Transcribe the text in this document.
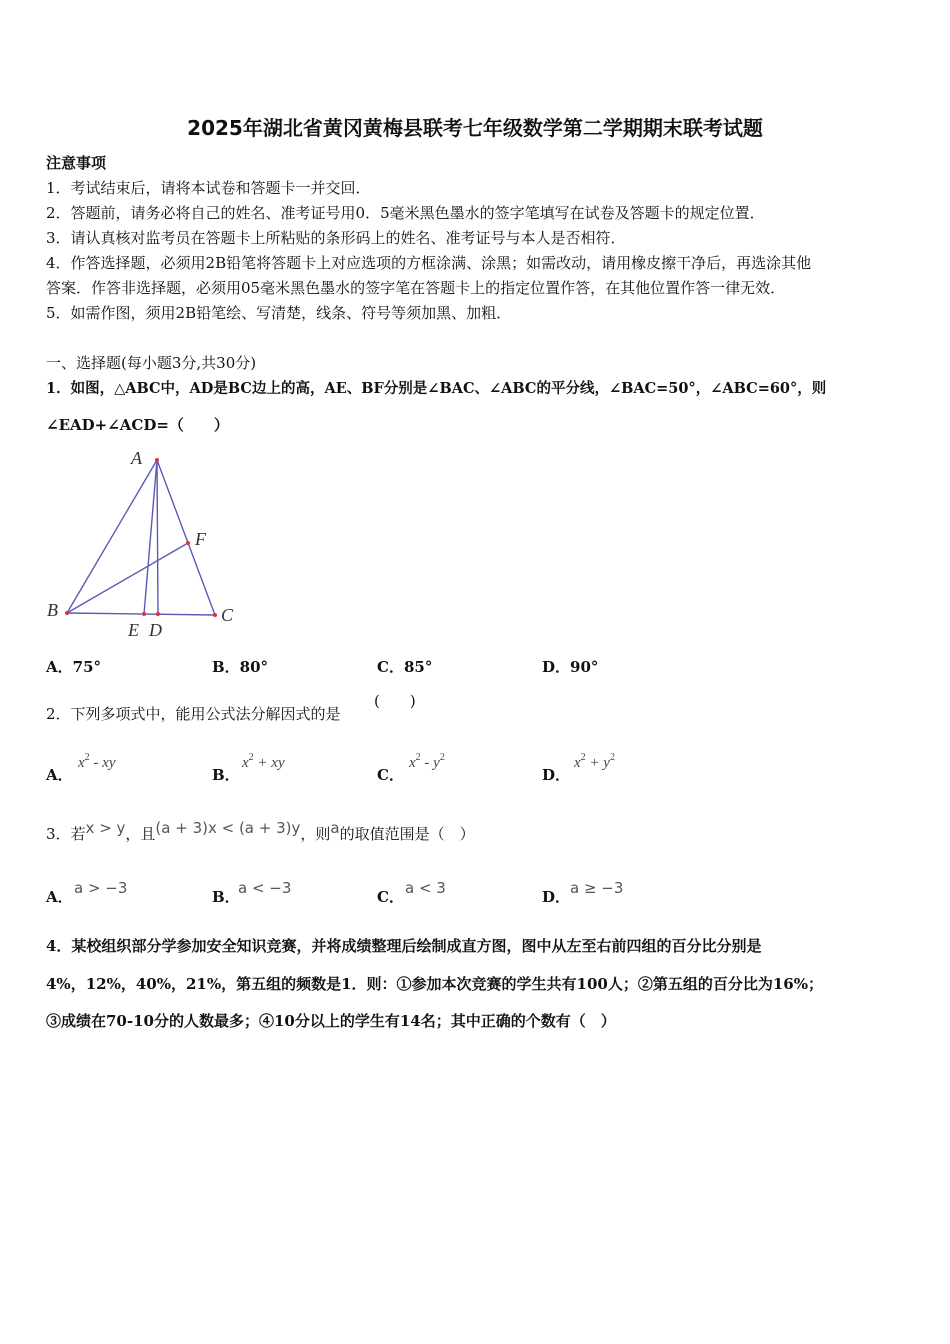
2025年湖北省黄冈黄梅县联考七年级数学第二学期期末联考试题
注意事项
1．考试结束后，请将本试卷和答题卡一并交回．
2．答题前，请务必将自己的姓名、准考证号用0．5毫米黑色墨水的签字笔填写在试卷及答题卡的规定位置．
3．请认真核对监考员在答题卡上所粘贴的条形码上的姓名、准考证号与本人是否相符．
4．作答选择题，必须用2B铅笔将答题卡上对应选项的方框涂满、涂黑；如需改动，请用橡皮擦干净后，再选涂其他
答案．作答非选择题，必须用05毫米黑色墨水的签字笔在答题卡上的指定位置作答，在其他位置作答一律无效．
5．如需作图，须用2B铅笔绘、写清楚，线条、符号等须加黑、加粗．
一、选择题(每小题3分,共30分)
1．如图，△ABC中，AD是BC边上的高，AE、BF分别是∠BAC、∠ABC的平分线，∠BAC=50°，∠ABC=60°，则
∠EAD+∠ACD=（　　）
A
B	C
E D
F
A．75°	B．80°	C．85°	D．90°
2．下列多项式中，能用公式法分解因式的是
(　　)
A．
$x^2$ - xy
B．
$x^2$ + xy
C．
$x^2 - y^2$
D．
$x^2 + y^2$
3．若x > y，且(a + 3)x < (a + 3)y，则a的取值范围是（　）
A． a > −3	B．
a < −3	C． a < 3	D． a ≥ −3
4．某校组织部分学参加安全知识竞赛，并将成绩整理后绘制成直方图，图中从左至右前四组的百分比分别是
4%，12%，40%，21%，第五组的频数是1．则：①参加本次竞赛的学生共有100人；②第五组的百分比为16%；
③成绩在70-10分的人数最多；④10分以上的学生有14名；其中正确的个数有（　）
